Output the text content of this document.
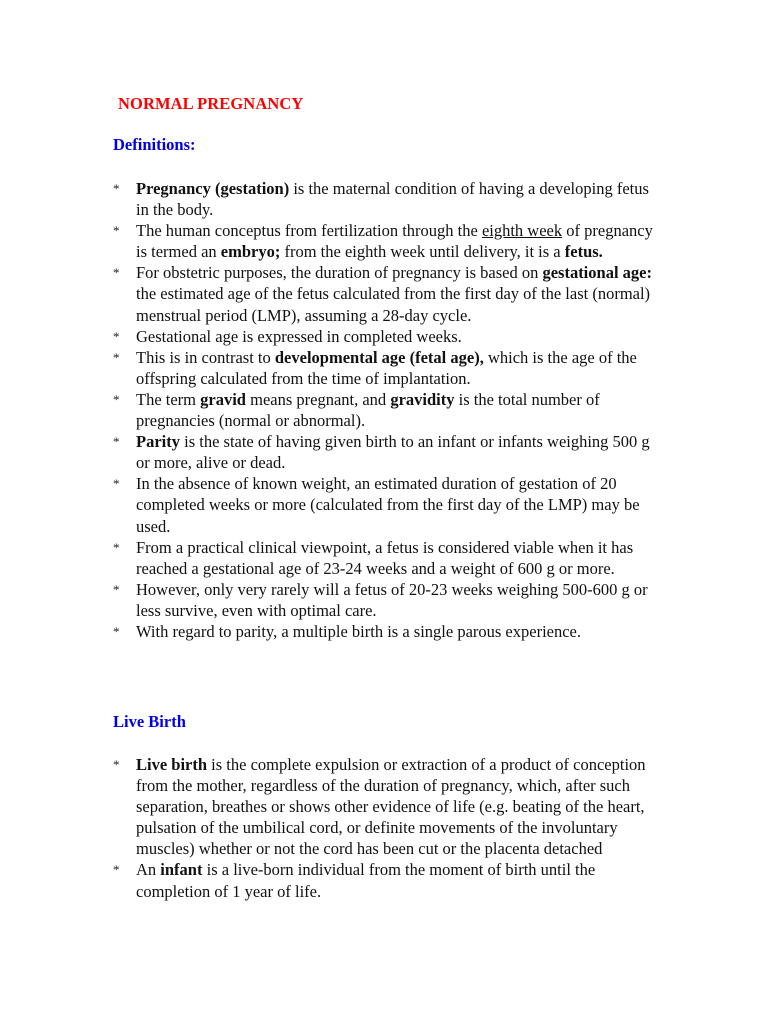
NORMAL PREGNANCY
Definitions:
* Pregnancy (gestation) is the maternal condition of having a developing fetus in the body.
* The human conceptus from fertilization through the eighth week of pregnancy is termed an embryo; from the eighth week until delivery, it is a fetus.
* For obstetric purposes, the duration of pregnancy is based on gestational age: the estimated age of the fetus calculated from the first day of the last (normal) menstrual period (LMP), assuming a 28-day cycle.
* Gestational age is expressed in completed weeks.
* This is in contrast to developmental age (fetal age), which is the age of the offspring calculated from the time of implantation.
* The term gravid means pregnant, and gravidity is the total number of pregnancies (normal or abnormal).
* Parity is the state of having given birth to an infant or infants weighing 500 g or more, alive or dead.
* In the absence of known weight, an estimated duration of gestation of 20 completed weeks or more (calculated from the first day of the LMP) may be used.
* From a practical clinical viewpoint, a fetus is considered viable when it has reached a gestational age of 23-24 weeks and a weight of 600 g or more.
* However, only very rarely will a fetus of 20-23 weeks weighing 500-600 g or less survive, even with optimal care.
* With regard to parity, a multiple birth is a single parous experience.
Live Birth
* Live birth is the complete expulsion or extraction of a product of conception from the mother, regardless of the duration of pregnancy, which, after such separation, breathes or shows other evidence of life (e.g. beating of the heart, pulsation of the umbilical cord, or definite movements of the involuntary muscles) whether or not the cord has been cut or the placenta detached
* An infant is a live-born individual from the moment of birth until the completion of 1 year of life.
